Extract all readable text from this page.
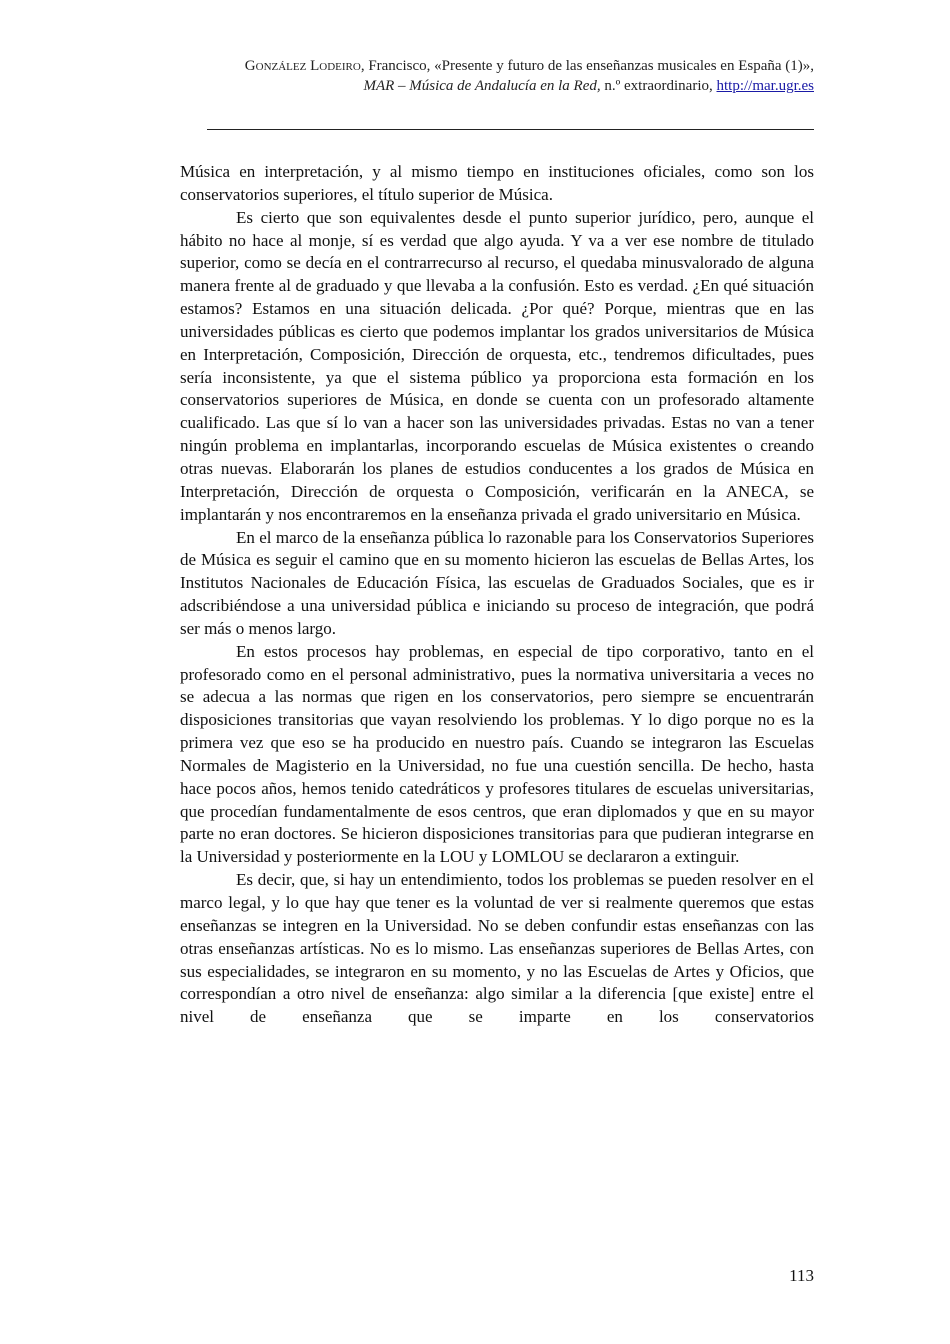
González Lodeiro, Francisco, «Presente y futuro de las enseñanzas musicales en España (1)»,
MAR – Música de Andalucía en la Red, n.º extraordinario, http://mar.ugr.es

Música en interpretación, y al mismo tiempo en instituciones oficiales, como son los conservatorios superiores, el título superior de Música.

Es cierto que son equivalentes desde el punto superior jurídico, pero, aunque el hábito no hace al monje, sí es verdad que algo ayuda. Y va a ver ese nombre de titulado superior, como se decía en el contrarrecurso al recurso, el quedaba minusvalorado de alguna manera frente al de graduado y que llevaba a la confusión. Esto es verdad. ¿En qué situación estamos? Estamos en una situación delicada. ¿Por qué? Porque, mientras que en las universidades públicas es cierto que podemos implantar los grados universitarios de Música en Interpretación, Composición, Dirección de orquesta, etc., tendremos dificultades, pues sería inconsistente, ya que el sistema público ya proporciona esta formación en los conservatorios superiores de Música, en donde se cuenta con un profesorado altamente cualificado. Las que sí lo van a hacer son las universidades privadas. Estas no van a tener ningún problema en implantarlas, incorporando escuelas de Música existentes o creando otras nuevas. Elaborarán los planes de estudios conducentes a los grados de Música en Interpretación, Dirección de orquesta o Composición, verificarán en la ANECA, se implantarán y nos encontraremos en la enseñanza privada el grado universitario en Música.

En el marco de la enseñanza pública lo razonable para los Conservatorios Superiores de Música es seguir el camino que en su momento hicieron las escuelas de Bellas Artes, los Institutos Nacionales de Educación Física, las escuelas de Graduados Sociales, que es ir adscribiéndose a una universidad pública e iniciando su proceso de integración, que podrá ser más o menos largo.

En estos procesos hay problemas, en especial de tipo corporativo, tanto en el profesorado como en el personal administrativo, pues la normativa universitaria a veces no se adecua a las normas que rigen en los conservatorios, pero siempre se encuentrarán disposiciones transitorias que vayan resolviendo los problemas. Y lo digo porque no es la primera vez que eso se ha producido en nuestro país. Cuando se integraron las Escuelas Normales de Magisterio en la Universidad, no fue una cuestión sencilla. De hecho, hasta hace pocos años, hemos tenido catedráticos y profesores titulares de escuelas universitarias, que procedían fundamentalmente de esos centros, que eran diplomados y que en su mayor parte no eran doctores. Se hicieron disposiciones transitorias para que pudieran integrarse en la Universidad y posteriormente en la LOU y LOMLOU se declararon a extinguir.

Es decir, que, si hay un entendimiento, todos los problemas se pueden resolver en el marco legal, y lo que hay que tener es la voluntad de ver si realmente queremos que estas enseñanzas se integren en la Universidad. No se deben confundir estas enseñanzas con las otras enseñanzas artísticas. No es lo mismo. Las enseñanzas superiores de Bellas Artes, con sus especialidades, se integraron en su momento, y no las Escuelas de Artes y Oficios, que correspondían a otro nivel de enseñanza: algo similar a la diferencia [que existe] entre el nivel de enseñanza que se imparte en los conservatorios

113
